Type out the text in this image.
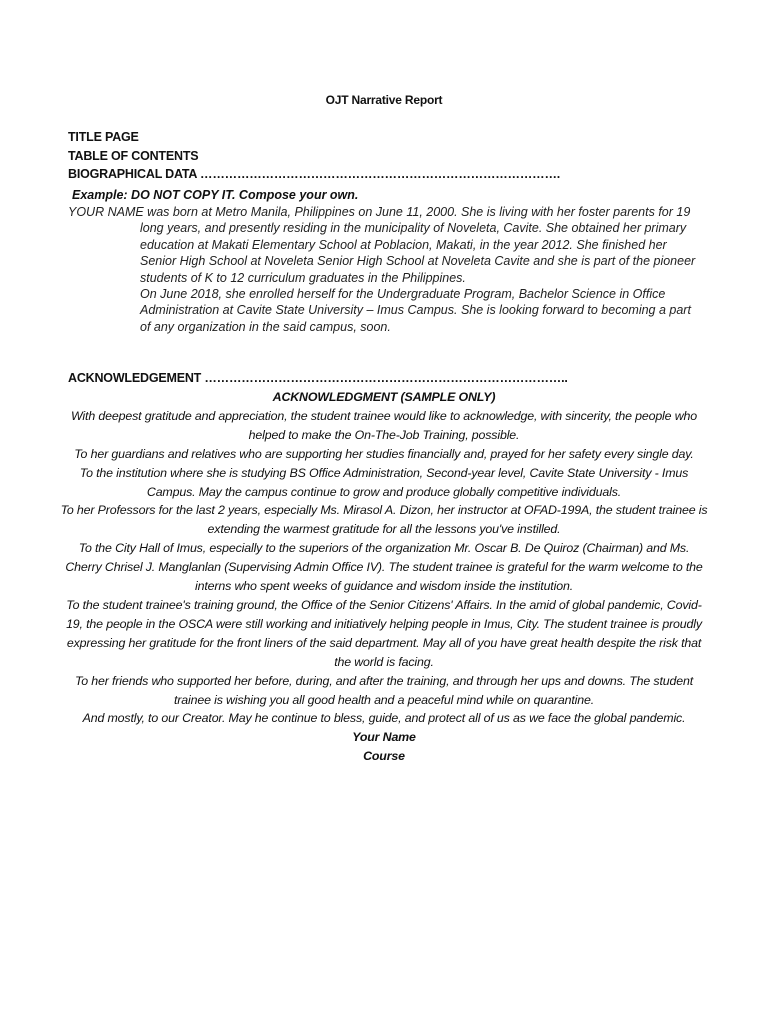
OJT Narrative Report
TITLE PAGE
TABLE OF CONTENTS
BIOGRAPHICAL DATA …………………………………………………………………………….
Example: DO NOT COPY IT. Compose your own.

YOUR NAME was born at Metro Manila, Philippines on June 11, 2000. She is living with her foster parents for 19 long years, and presently residing in the municipality of Noveleta, Cavite. She obtained her primary education at Makati Elementary School at Poblacion, Makati, in the year 2012. She finished her Senior High School at Noveleta Senior High School at Noveleta Cavite and she is part of the pioneer students of K to 12 curriculum graduates in the Philippines.

On June 2018, she enrolled herself for the Undergraduate Program, Bachelor Science in Office Administration at Cavite State University – Imus Campus. She is looking forward to becoming a part of any organization in the said campus, soon.

ACKNOWLEDGEMENT ……………………………………………………………………………..

ACKNOWLEDGMENT (SAMPLE ONLY)

With deepest gratitude and appreciation, the student trainee would like to acknowledge, with sincerity, the people who helped to make the On-The-Job Training, possible.

To her guardians and relatives who are supporting her studies financially and, prayed for her safety every single day.

To the institution where she is studying BS Office Administration, Second-year level, Cavite State University - Imus Campus. May the campus continue to grow and produce globally competitive individuals.

To her Professors for the last 2 years, especially Ms. Mirasol A. Dizon, her instructor at OFAD-199A, the student trainee is extending the warmest gratitude for all the lessons you've instilled.

To the City Hall of Imus, especially to the superiors of the organization Mr. Oscar B. De Quiroz (Chairman) and Ms. Cherry Chrisel J. Manglanlan (Supervising Admin Office IV). The student trainee is grateful for the warm welcome to the interns who spent weeks of guidance and wisdom inside the institution.

To the student trainee's training ground, the Office of the Senior Citizens' Affairs. In the amid of global pandemic, Covid-19, the people in the OSCA were still working and initiatively helping people in Imus, City. The student trainee is proudly expressing her gratitude for the front liners of the said department. May all of you have great health despite the risk that the world is facing.

To her friends who supported her before, during, and after the training, and through her ups and downs. The student trainee is wishing you all good health and a peaceful mind while on quarantine.

And mostly, to our Creator. May he continue to bless, guide, and protect all of us as we face the global pandemic.

Your Name

Course
